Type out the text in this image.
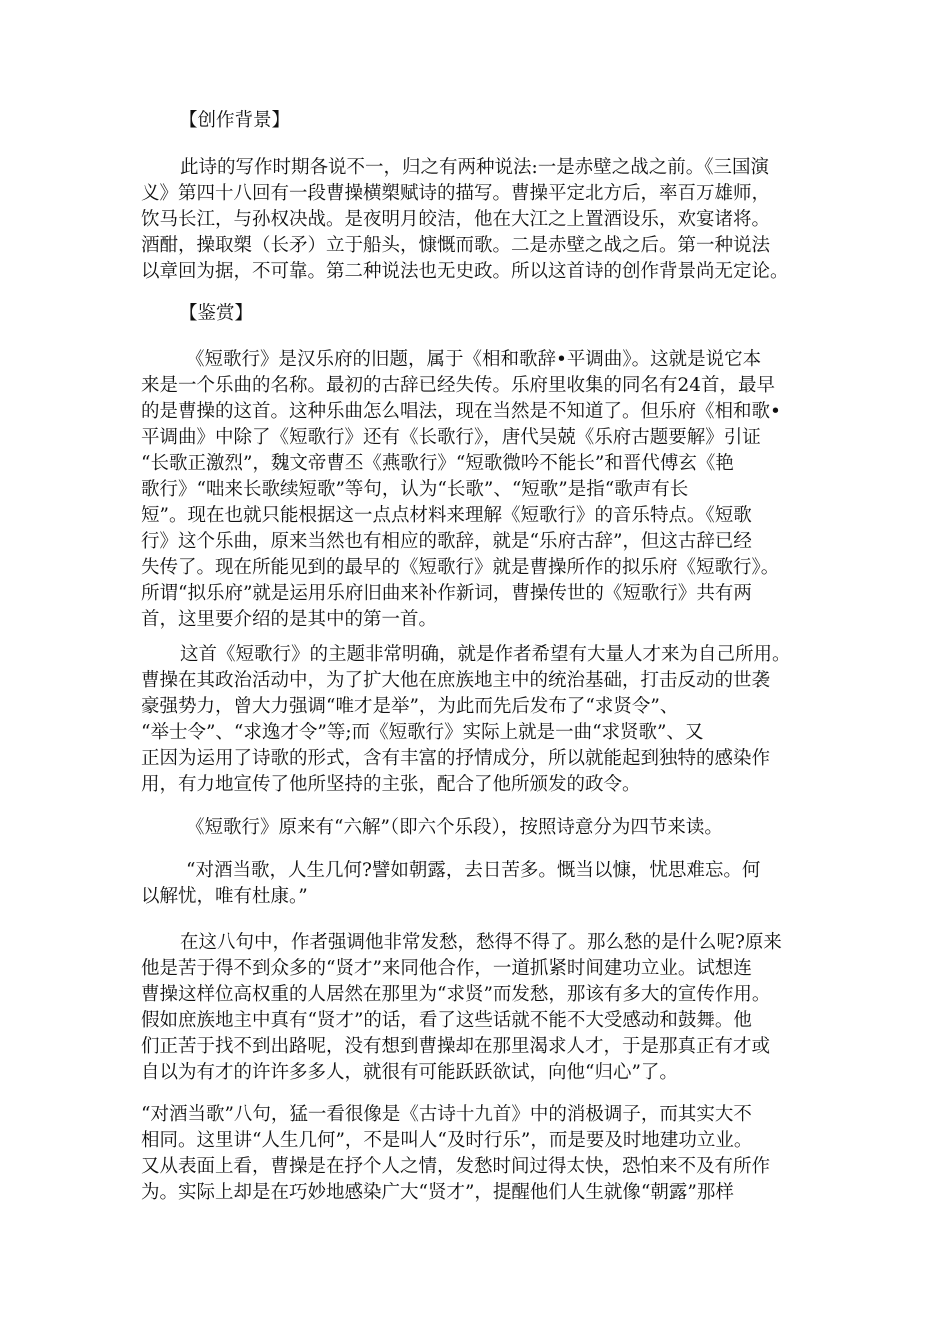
【创作背景】
此诗的写作时期各说不一，归之有两种说法:一是赤壁之战之前。《三国演
义》第四十八回有一段曹操横槊赋诗的描写。曹操平定北方后，率百万雄师，
饮马长江，与孙权决战。是夜明月皎洁，他在大江之上置酒设乐，欢宴诸将。
酒酣，操取槊（长矛）立于船头，慷慨而歌。二是赤壁之战之后。第一种说法
以章回为据，不可靠。第二种说法也无史政。所以这首诗的创作背景尚无定论。
【鉴赏】
《短歌行》是汉乐府的旧题，属于《相和歌辞•平调曲》。这就是说它本
来是一个乐曲的名称。最初的古辞已经失传。乐府里收集的同名有24首，最早
的是曹操的这首。这种乐曲怎么唱法，现在当然是不知道了。但乐府《相和歌•
平调曲》中除了《短歌行》还有《长歌行》，唐代吴兢《乐府古题要解》引证
“长歌正激烈”，魏文帝曹丕《燕歌行》“短歌微吟不能长”和晋代傅玄《艳
歌行》“咄来长歌续短歌”等句，认为“长歌”、“短歌”是指“歌声有长
短”。现在也就只能根据这一点点材料来理解《短歌行》的音乐特点。《短歌
行》这个乐曲，原来当然也有相应的歌辞，就是“乐府古辞”，但这古辞已经
失传了。现在所能见到的最早的《短歌行》就是曹操所作的拟乐府《短歌行》。
所谓“拟乐府”就是运用乐府旧曲来补作新词，曹操传世的《短歌行》共有两
首，这里要介绍的是其中的第一首。
这首《短歌行》的主题非常明确，就是作者希望有大量人才来为自己所用。
曹操在其政治活动中，为了扩大他在庶族地主中的统治基础，打击反动的世袭
豪强势力，曾大力强调“唯才是举”，为此而先后发布了“求贤令”、
“举士令”、“求逸才令”等;而《短歌行》实际上就是一曲“求贤歌”、又
正因为运用了诗歌的形式，含有丰富的抒情成分，所以就能起到独特的感染作
用，有力地宣传了他所坚持的主张，配合了他所颁发的政令。
《短歌行》原来有“六解”（即六个乐段），按照诗意分为四节来读。
“对酒当歌，人生几何?譬如朝露，去日苦多。慨当以慷，忧思难忘。何
以解忧，唯有杜康。”
在这八句中，作者强调他非常发愁，愁得不得了。那么愁的是什么呢?原来
他是苦于得不到众多的“贤才”来同他合作，一道抓紧时间建功立业。试想连
曹操这样位高权重的人居然在那里为“求贤”而发愁，那该有多大的宣传作用。
假如庶族地主中真有“贤才”的话，看了这些话就不能不大受感动和鼓舞。他
们正苦于找不到出路呢，没有想到曹操却在那里渴求人才，于是那真正有才或
自以为有才的许许多多人，就很有可能跃跃欲试，向他“归心”了。
“对酒当歌”八句，猛一看很像是《古诗十九首》中的消极调子，而其实大不
相同。这里讲“人生几何”，不是叫人“及时行乐”，而是要及时地建功立业。
又从表面上看，曹操是在抒个人之情，发愁时间过得太快，恐怕来不及有所作
为。实际上却是在巧妙地感染广大“贤才”，提醒他们人生就像“朝露”那样
